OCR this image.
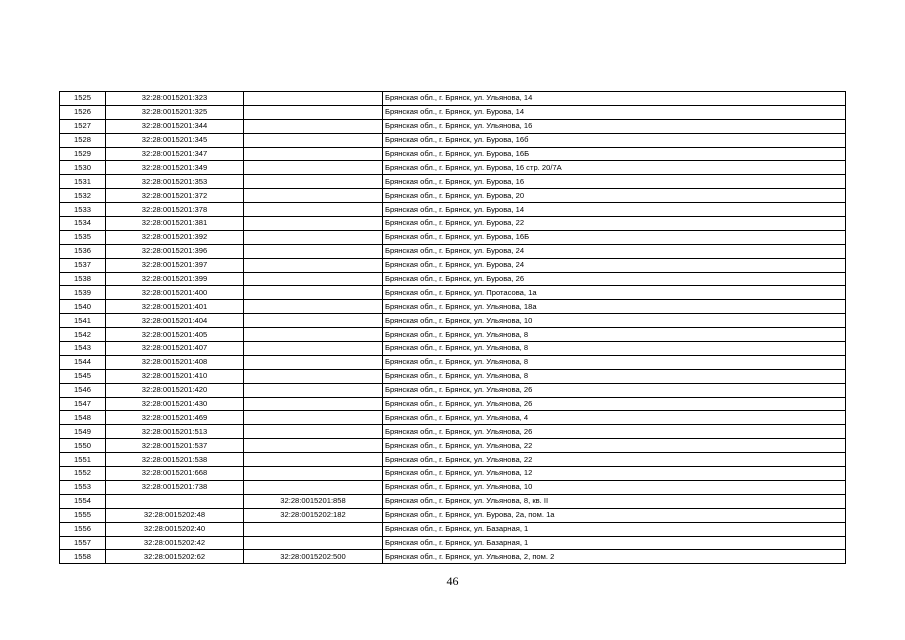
1525	32:28:0015201:323		Брянская обл., г. Брянск, ул. Ульянова, 14
1526	32:28:0015201:325		Брянская обл., г. Брянск, ул. Бурова, 14
1527	32:28:0015201:344		Брянская обл., г. Брянск, ул. Ульянова, 16
1528	32:28:0015201:345		Брянская обл., г. Брянск, ул. Бурова, 16б
1529	32:28:0015201:347		Брянская обл., г. Брянск, ул. Бурова, 16Б
1530	32:28:0015201:349		Брянская обл., г. Брянск, ул. Бурова, 16 стр. 20/7А
1531	32:28:0015201:353		Брянская обл., г. Брянск, ул. Бурова, 16
1532	32:28:0015201:372		Брянская обл., г. Брянск, ул. Бурова, 20
1533	32:28:0015201:378		Брянская обл., г. Брянск, ул. Бурова, 14
1534	32:28:0015201:381		Брянская обл., г. Брянск, ул. Бурова, 22
1535	32:28:0015201:392		Брянская обл., г. Брянск, ул. Бурова, 16Б
1536	32:28:0015201:396		Брянская обл., г. Брянск, ул. Бурова, 24
1537	32:28:0015201:397		Брянская обл., г. Брянск, ул. Бурова, 24
1538	32:28:0015201:399		Брянская обл., г. Брянск, ул. Бурова, 26
1539	32:28:0015201:400		Брянская обл., г. Брянск, ул. Протасова, 1а
1540	32:28:0015201:401		Брянская обл., г. Брянск, ул. Ульянова, 18а
1541	32:28:0015201:404		Брянская обл., г. Брянск, ул. Ульянова, 10
1542	32:28:0015201:405		Брянская обл., г. Брянск, ул. Ульянова, 8
1543	32:28:0015201:407		Брянская обл., г. Брянск, ул. Ульянова, 8
1544	32:28:0015201:408		Брянская обл., г. Брянск, ул. Ульянова, 8
1545	32:28:0015201:410		Брянская обл., г. Брянск, ул. Ульянова, 8
1546	32:28:0015201:420		Брянская обл., г. Брянск, ул. Ульянова, 26
1547	32:28:0015201:430		Брянская обл., г. Брянск, ул. Ульянова, 26
1548	32:28:0015201:469		Брянская обл., г. Брянск, ул. Ульянова, 4
1549	32:28:0015201:513		Брянская обл., г. Брянск, ул. Ульянова, 26
1550	32:28:0015201:537		Брянская обл., г. Брянск, ул. Ульянова, 22
1551	32:28:0015201:538		Брянская обл., г. Брянск, ул. Ульянова, 22
1552	32:28:0015201:668		Брянская обл., г. Брянск, ул. Ульянова, 12
1553	32:28:0015201:738		Брянская обл., г. Брянск, ул. Ульянова, 10
1554		32:28:0015201:858	Брянская обл., г. Брянск, ул. Ульянова, 8, кв. II
1555	32:28:0015202:48	32:28:0015202:182	Брянская обл., г. Брянск, ул. Бурова, 2а, пом. 1а
1556	32:28:0015202:40		Брянская обл., г. Брянск, ул. Базарная, 1
1557	32:28:0015202:42		Брянская обл., г. Брянск, ул. Базарная, 1
1558	32:28:0015202:62	32:28:0015202:500	Брянская обл., г. Брянск, ул. Ульянова, 2, пом. 2
46
